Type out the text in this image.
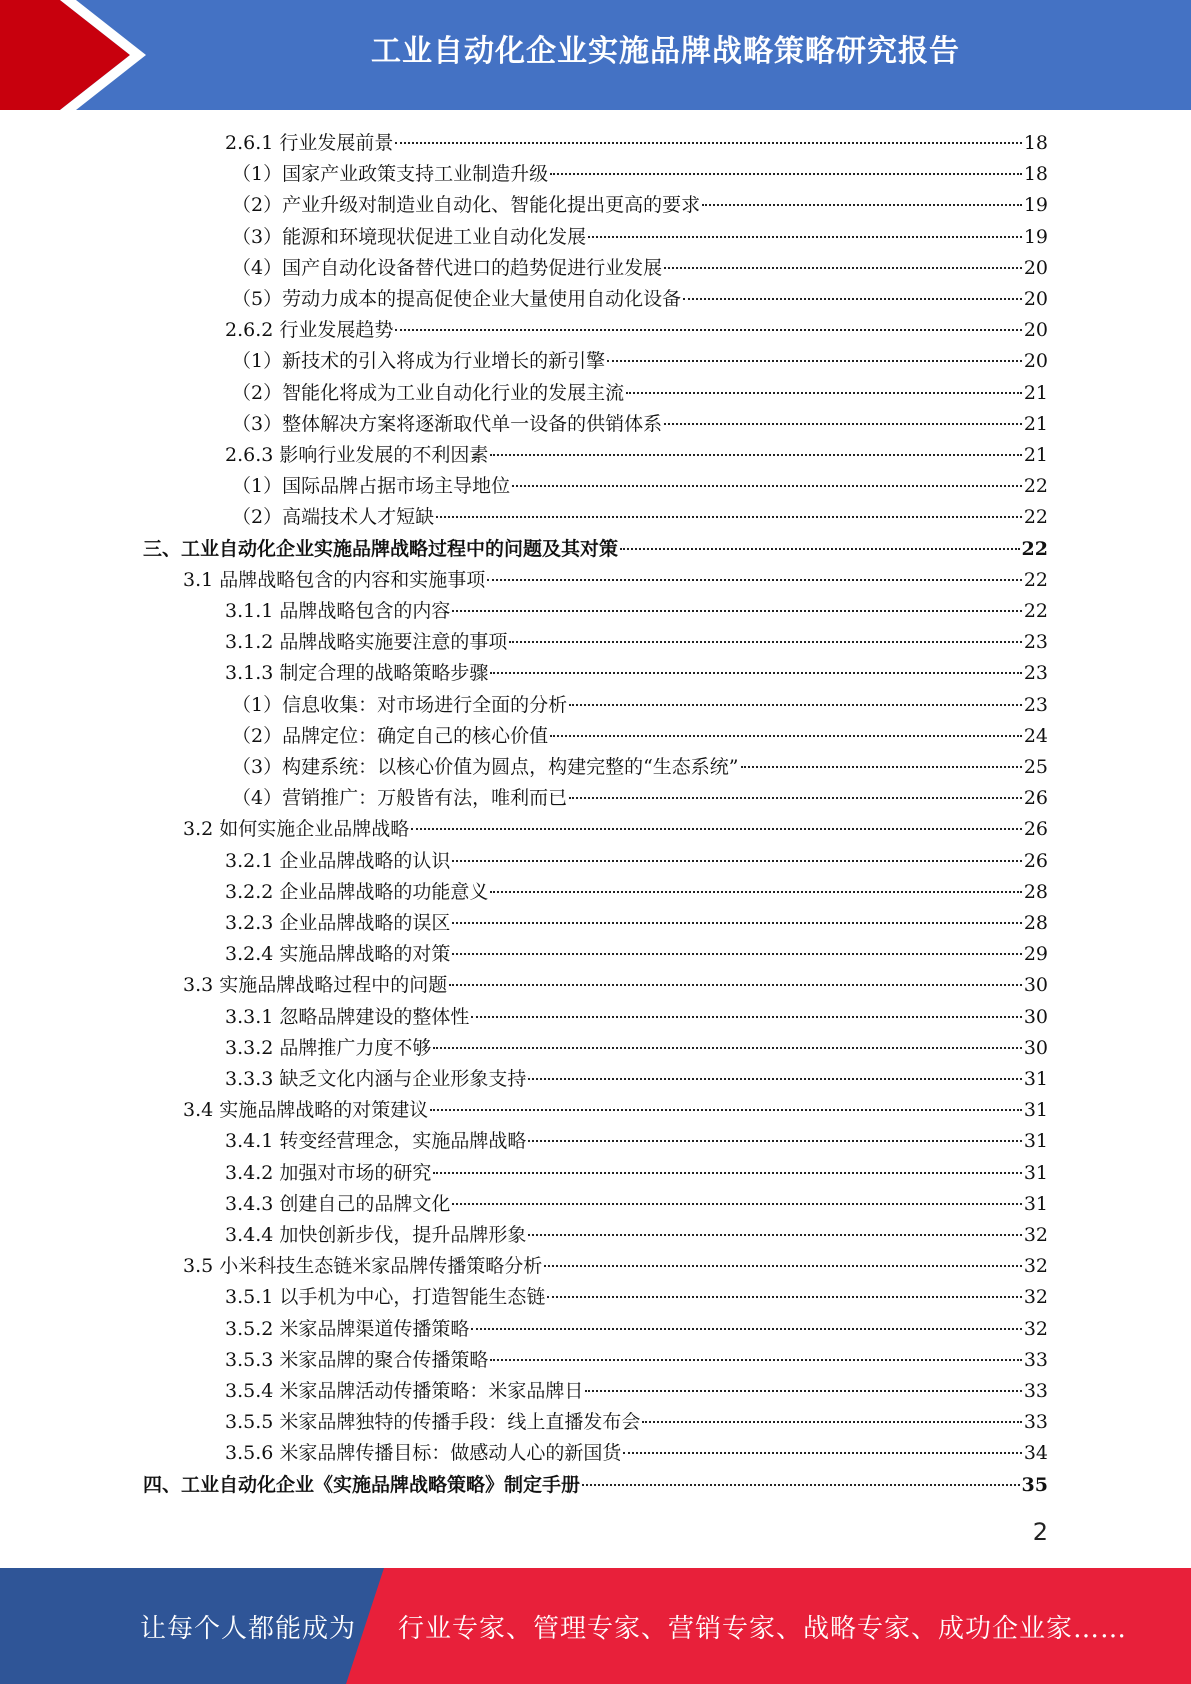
工业自动化企业实施品牌战略策略研究报告
2.6.1 行业发展前景	18
（1）国家产业政策支持工业制造升级	18
（2）产业升级对制造业自动化、智能化提出更高的要求	19
（3）能源和环境现状促进工业自动化发展	19
（4）国产自动化设备替代进口的趋势促进行业发展	20
（5）劳动力成本的提高促使企业大量使用自动化设备	20
2.6.2 行业发展趋势	20
（1）新技术的引入将成为行业增长的新引擎	20
（2）智能化将成为工业自动化行业的发展主流	21
（3）整体解决方案将逐渐取代单一设备的供销体系	21
2.6.3 影响行业发展的不利因素	21
（1）国际品牌占据市场主导地位	22
（2）高端技术人才短缺	22
三、工业自动化企业实施品牌战略过程中的问题及其对策	22
3.1 品牌战略包含的内容和实施事项	22
3.1.1 品牌战略包含的内容	22
3.1.2 品牌战略实施要注意的事项	23
3.1.3 制定合理的战略策略步骤	23
（1）信息收集：对市场进行全面的分析	23
（2）品牌定位：确定自己的核心价值	24
（3）构建系统：以核心价值为圆点，构建完整的“生态系统”	25
（4）营销推广：万般皆有法，唯利而已	26
3.2 如何实施企业品牌战略	26
3.2.1 企业品牌战略的认识	26
3.2.2 企业品牌战略的功能意义	28
3.2.3 企业品牌战略的误区	28
3.2.4 实施品牌战略的对策	29
3.3 实施品牌战略过程中的问题	30
3.3.1 忽略品牌建设的整体性	30
3.3.2 品牌推广力度不够	30
3.3.3 缺乏文化内涵与企业形象支持	31
3.4 实施品牌战略的对策建议	31
3.4.1 转变经营理念，实施品牌战略	31
3.4.2 加强对市场的研究	31
3.4.3 创建自己的品牌文化	31
3.4.4 加快创新步伐，提升品牌形象	32
3.5 小米科技生态链米家品牌传播策略分析	32
3.5.1 以手机为中心，打造智能生态链	32
3.5.2 米家品牌渠道传播策略	32
3.5.3 米家品牌的聚合传播策略	33
3.5.4 米家品牌活动传播策略：米家品牌日	33
3.5.5 米家品牌独特的传播手段：线上直播发布会	33
3.5.6 米家品牌传播目标：做感动人心的新国货	34
四、工业自动化企业《实施品牌战略策略》制定手册	35
2
让每个人都能成为 行业专家、管理专家、营销专家、战略专家、成功企业家……
